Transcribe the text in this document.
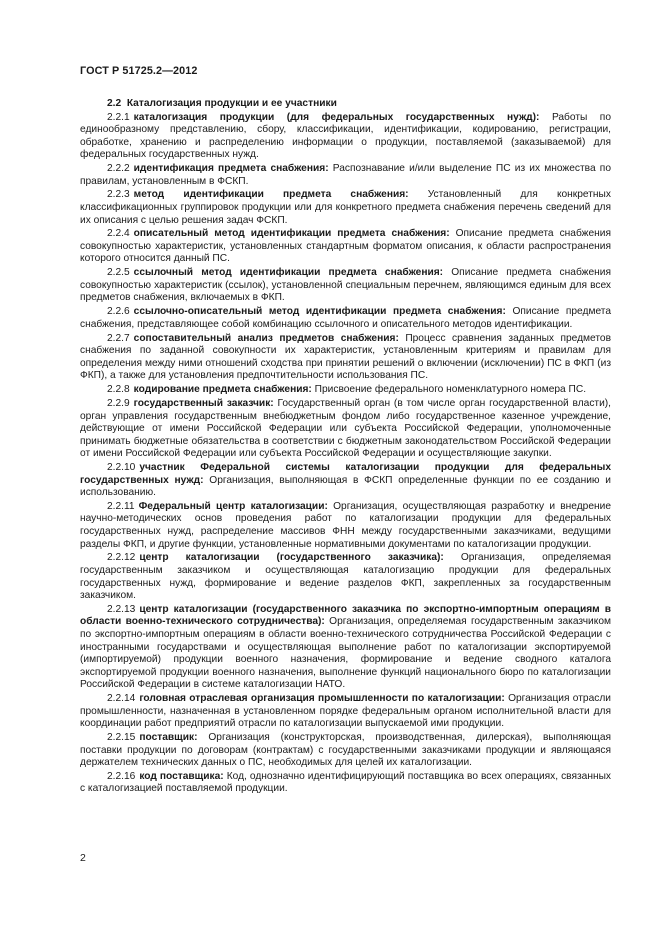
ГОСТ Р 51725.2—2012

2.2 Каталогизация продукции и ее участники

2.2.1 каталогизация продукции (для федеральных государственных нужд): Работы по единообразному представлению, сбору, классификации, идентификации, кодированию, регистрации, обработке, хранению и распределению информации о продукции, поставляемой (заказываемой) для федеральных государственных нужд.

2.2.2 идентификация предмета снабжения: Распознавание и/или выделение ПС из их множества по правилам, установленным в ФСКП.

2.2.3 метод идентификации предмета снабжения: Установленный для конкретных классификационных группировок продукции или для конкретного предмета снабжения перечень сведений для их описания с целью решения задач ФСКП.

2.2.4 описательный метод идентификации предмета снабжения: Описание предмета снабжения совокупностью характеристик, установленных стандартным форматом описания, к области распространения которого относится данный ПС.

2.2.5 ссылочный метод идентификации предмета снабжения: Описание предмета снабжения совокупностью характеристик (ссылок), установленной специальным перечнем, являющимся единым для всех предметов снабжения, включаемых в ФКП.

2.2.6 ссылочно-описательный метод идентификации предмета снабжения: Описание предмета снабжения, представляющее собой комбинацию ссылочного и описательного методов идентификации.

2.2.7 сопоставительный анализ предметов снабжения: Процесс сравнения заданных предметов снабжения по заданной совокупности их характеристик, установленным критериям и правилам для определения между ними отношений сходства при принятии решений о включении (исключении) ПС в ФКП (из ФКП), а также для установления предпочтительности использования ПС.

2.2.8 кодирование предмета снабжения: Присвоение федерального номенклатурного номера ПС.

2.2.9 государственный заказчик: Государственный орган (в том числе орган государственной власти), орган управления государственным внебюджетным фондом либо государственное казенное учреждение, действующие от имени Российской Федерации или субъекта Российской Федерации, уполномоченные принимать бюджетные обязательства в соответствии с бюджетным законодательством Российской Федерации от имени Российской Федерации или субъекта Российской Федерации и осуществляющие закупки.

2.2.10 участник Федеральной системы каталогизации продукции для федеральных государственных нужд: Организация, выполняющая в ФСКП определенные функции по ее созданию и использованию.

2.2.11 Федеральный центр каталогизации: Организация, осуществляющая разработку и внедрение научно-методических основ проведения работ по каталогизации продукции для федеральных государственных нужд, распределение массивов ФНН между государственными заказчиками, ведущими разделы ФКП, и другие функции, установленные нормативными документами по каталогизации продукции.

2.2.12 центр каталогизации (государственного заказчика): Организация, определяемая государственным заказчиком и осуществляющая каталогизацию продукции для федеральных государственных нужд, формирование и ведение разделов ФКП, закрепленных за государственным заказчиком.

2.2.13 центр каталогизации (государственного заказчика по экспортно-импортным операциям в области военно-технического сотрудничества): Организация, определяемая государственным заказчиком по экспортно-импортным операциям в области военно-технического сотрудничества Российской Федерации с иностранными государствами и осуществляющая выполнение работ по каталогизации экспортируемой (импортируемой) продукции военного назначения, формирование и ведение сводного каталога экспортируемой продукции военного назначения, выполнение функций национального бюро по каталогизации Российской Федерации в системе каталогизации НАТО.

2.2.14 головная отраслевая организация промышленности по каталогизации: Организация отрасли промышленности, назначенная в установленном порядке федеральным органом исполнительной власти для координации работ предприятий отрасли по каталогизации выпускаемой ими продукции.

2.2.15 поставщик: Организация (конструкторская, производственная, дилерская), выполняющая поставки продукции по договорам (контрактам) с государственными заказчиками продукции и являющаяся держателем технических данных о ПС, необходимых для целей их каталогизации.

2.2.16 код поставщика: Код, однозначно идентифицирующий поставщика во всех операциях, связанных с каталогизацией поставляемой продукции.

2
